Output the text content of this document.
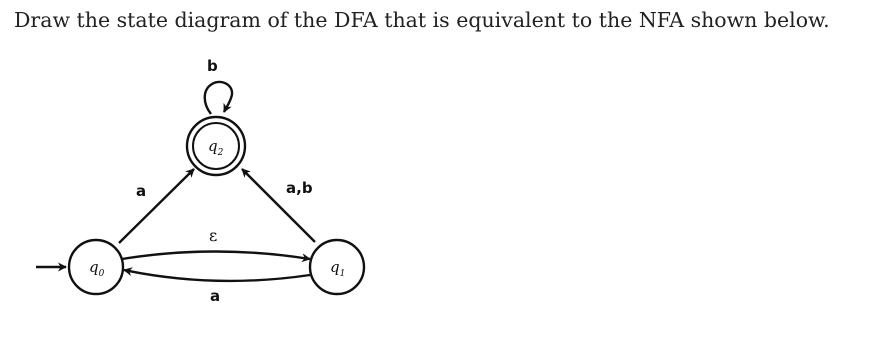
Draw the state diagram of the DFA that is equivalent to the NFA shown below.
$q_0$	$q_1$
$q_2$
a	a,b
b
ε
a
